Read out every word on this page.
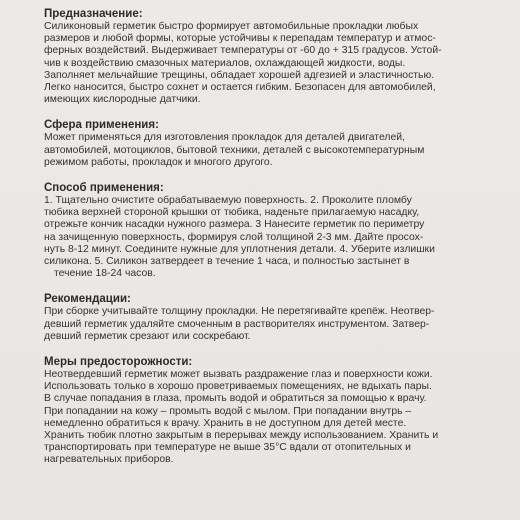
Предназначение:
Силиконовый герметик быстро формирует автомобильные прокладки любых
размеров и любой формы, которые устойчивы к перепадам температур и атмос-
ферных воздействий. Выдерживает температуры от -60 до + 315 градусов. Устой-
чив к воздействию смазочных материалов, охлаждающей жидкости, воды.
Заполняет мельчайшие трещины, обладает хорошей адгезией и эластичностью.
Легко наносится, быстро сохнет и остается гибким. Безопасен для автомобилей,
имеющих кислородные датчики.
Сфера применения:
Может применяться для изготовления прокладок для деталей двигателей,
автомобилей, мотоциклов, бытовой техники, деталей с высокотемпературным
режимом работы, прокладок и многого другого.
Способ применения:
1. Тщательно очистите обрабатываемую поверхность. 2. Проколите пломбу
тюбика верхней стороной крышки от тюбика, наденьте прилагаемую насадку,
отрежьте кончик насадки нужного размера. 3 Нанесите герметик по периметру
на зачищенную поверхность, формируя слой толщиной 2-3 мм. Дайте просох-
нуть 8-12 минут. Соедините нужные для уплотнения детали. 4. Уберите излишки
силикона. 5. Силикон затвердеет в течение 1 часа, и полностью застынет в
течение 18-24 часов.
Рекомендации:
При сборке учитывайте толщину прокладки. Не перетягивайте крепёж. Неотвер-
девший герметик удаляйте смоченным в растворителях инструментом. Затвер-
девший герметик срезают или соскребают.
Меры предосторожности:
Неотвердевший герметик может вызвать раздражение глаз и поверхности кожи.
Использовать только в хорошо проветриваемых помещениях, не вдыхать пары.
В случае попадания в глаза, промыть водой и обратиться за помощью к врачу.
При попадании на кожу – промыть водой с мылом. При попадании внутрь –
немедленно обратиться к врачу. Хранить в не доступном для детей месте.
Хранить тюбик плотно закрытым в перерывах между использованием. Хранить и
транспортировать при температуре не выше 35°С вдали от отопительных и
нагревательных приборов.
